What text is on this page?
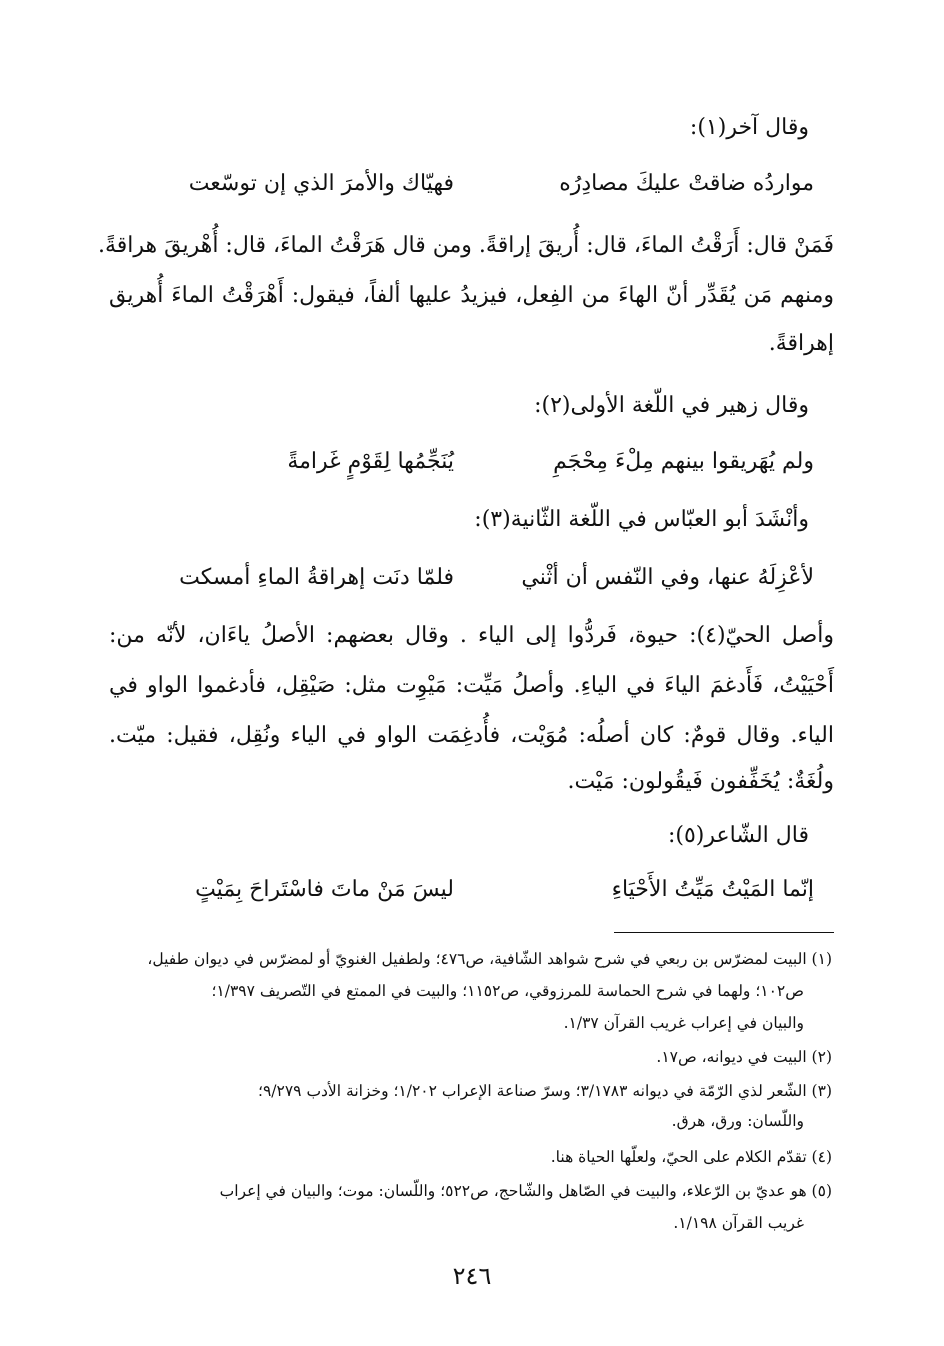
وقال آخر(١):
فهيّاك والأمرَ الذي إن توسّعت	مواردُه ضاقتْ عليكَ مصادِرُه
فَمَنْ قال: أَرَقْتُ الماءَ، قال: أُريقَ إراقةً. ومن قال هَرَقْتُ الماءَ، قال: أُهْريقَ هراقةً.
ومنهم مَن يُقَدِّر أنّ الهاءَ من الفِعل، فيزيدُ عليها ألفاً، فيقول: أَهْرَقْتُ الماءَ أُهريق
إهراقةً.
وقال زهير في اللّغة الأولى(٢):
يُنَجِّمُها لِقَوْمٍ غَرامةً	ولم يُهَريقوا بينهم مِلْءَ مِحْجَمِ
وأنْشَدَ أبو العبّاس في اللّغة الثّانية(٣):
فلمّا دنَت إهراقةُ الماءِ أمسكت	لأعْزِلَهُ عنها، وفي النّفس أن أثْني
وأصل الحيّ(٤): حيوة، فَردُّوا إلى الياء . وقال بعضهم: الأصلُ ياءَان، لأنّه من:
أَحْيَيْتُ، فَأَدغمَ الياءَ في الياءِ. وأصلُ مَيِّت: مَيْوِت مثل: صَيْقِل، فأدغموا الواو في
الياء. وقال قومٌ: كان أصلُه: مُوَيْت، فأُدغِمَت الواو في الياء ونُقِل، فقيل: ميّت.
ولُغَةٌ: يُخَفِّفون فَيقُولون: مَيْت.
قال الشّاعر(٥):
ليسَ مَنْ ماتَ فاسْتَراحَ بِمَيْتٍ	إنّما المَيْتُ مَيِّتُ الأَحْيَاءِ
(١) البيت لمضرّس بن ربعي في شرح شواهد الشّافية، ص٤٧٦؛ ولطفيل الغنويّ أو لمضرّس في ديوان طفيل،
ص١٠٢؛ ولهما في شرح الحماسة للمرزوقي، ص١١٥٢؛ والبيت في الممتع في التّصريف ١/٣٩٧؛
والبيان في إعراب غريب القرآن ١/٣٧.
(٢) البيت في ديوانه، ص١٧.
(٣) الشّعر لذي الرّمّة في ديوانه ٣/١٧٨٣؛ وسرّ صناعة الإعراب ١/٢٠٢؛ وخزانة الأدب ٩/٢٧٩؛
واللّسان: ورق، هرق.
(٤) تقدّم الكلام على الحيّ، ولعلّها الحياة هنا.
(٥) هو عديّ بن الرّعلاء، والبيت في الصّاهل والشّاحج، ص٥٢٢؛ واللّسان: موت؛ والبيان في إعراب
غريب القرآن ١/١٩٨.
٢٤٦
